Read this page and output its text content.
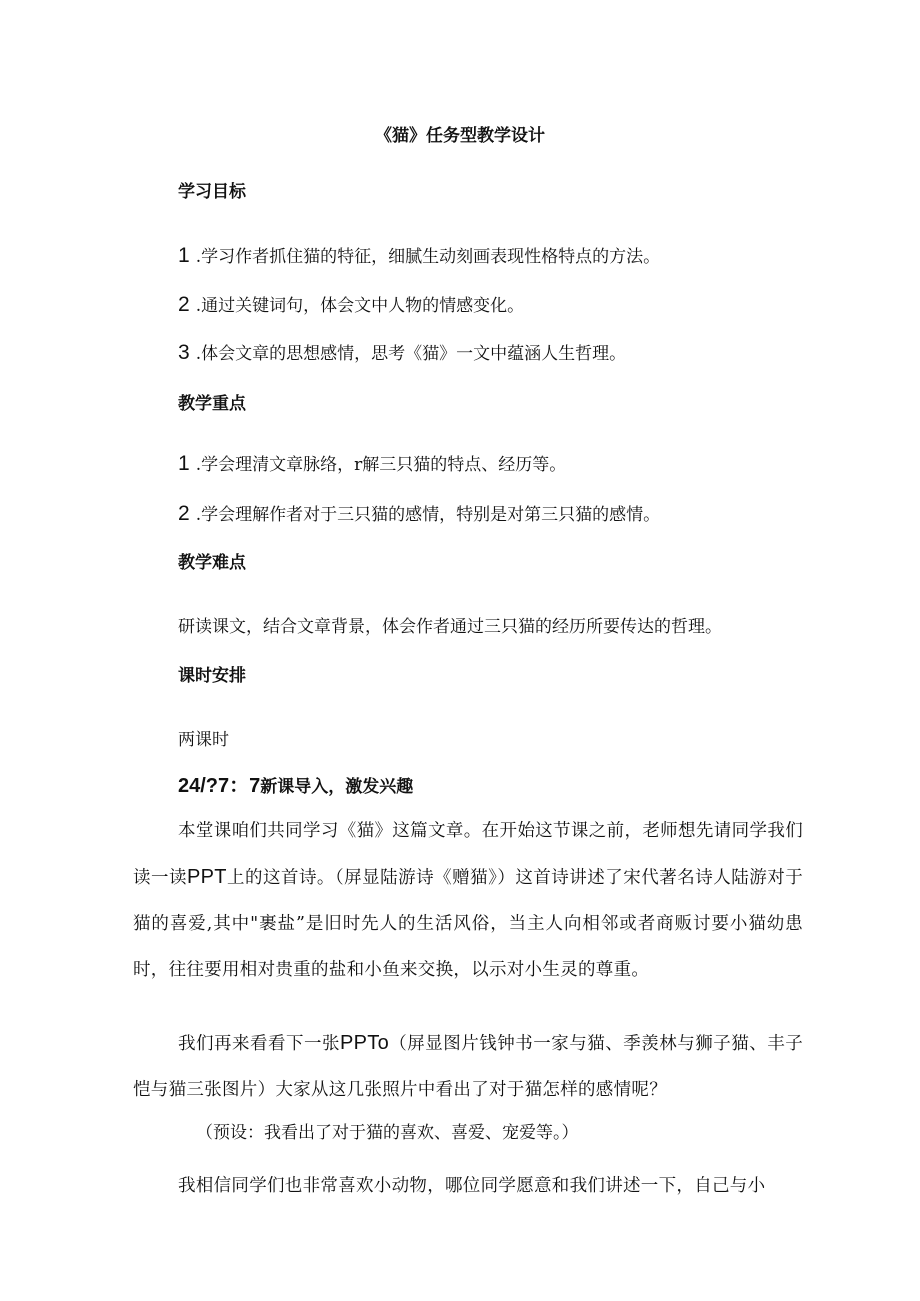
《猫》任务型教学设计
学习目标
1 .学习作者抓住猫的特征，细腻生动刻画表现性格特点的方法。
2 .通过关键词句，体会文中人物的情感变化。
3 .体会文章的思想感情，思考《猫》一文中蕴涵人生哲理。
教学重点
1 .学会理清文章脉络，r解三只猫的特点、经历等。
2 .学会理解作者对于三只猫的感情，特别是对第三只猫的感情。
教学难点
研读课文，结合文章背景，体会作者通过三只猫的经历所要传达的哲理。
课时安排
两课时
24/?7：7新课导入，激发兴趣
本堂课咱们共同学习《猫》这篇文章。在开始这节课之前，老师想先请同学我们读一读PPT上的这首诗。（屏显陆游诗《赠猫》）这首诗讲述了宋代著名诗人陆游对于猫的喜爱,其中"裹盐”是旧时先人的生活风俗，当主人向相邻或者商贩讨要小猫幼患时，往往要用相对贵重的盐和小鱼来交换，以示对小生灵的尊重。
我们再来看看下一张PPTo（屏显图片钱钟书一家与猫、季羡林与狮子猫、丰子恺与猫三张图片）大家从这几张照片中看出了对于猫怎样的感情呢？
（预设：我看出了对于猫的喜欢、喜爱、宠爱等。）
我相信同学们也非常喜欢小动物，哪位同学愿意和我们讲述一下，自己与小
